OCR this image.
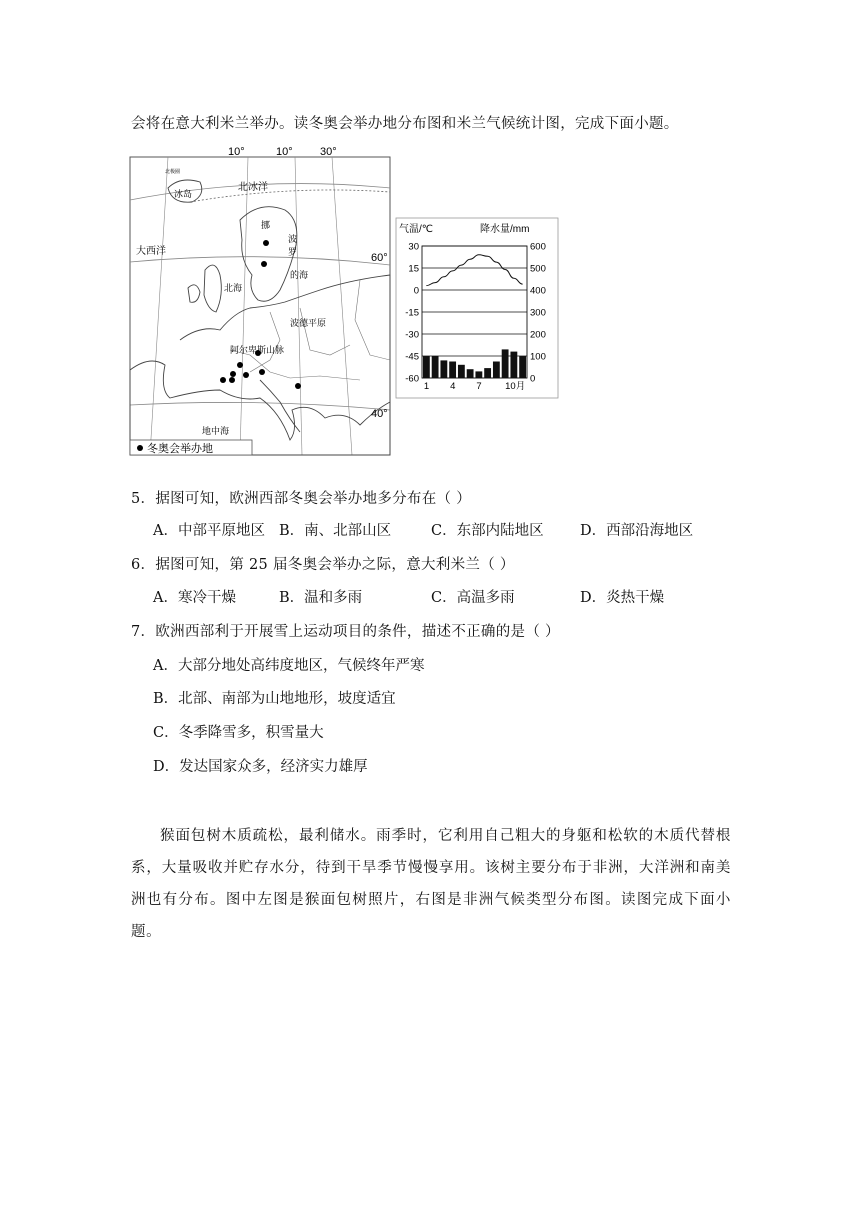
会将在意大利米兰举办。读冬奥会举办地分布图和米兰气候统计图，完成下面小题。
10°	10° 30°
60°
40°
北冰洋
北极圈
冰岛
大西洋
挪
波
罗
的海
北海
波德平原
阿尔卑斯山脉
地中海
冬奥会举办地
气温/℃	降水量/mm
30
15
0
-15
-30
-45
-60
600
500
400
300
200
100
0
1 4 7 10月
5．据图可知，欧洲西部冬奥会举办地多分布在（ ）
A．中部平原地区 B．南、北部山区	C．东部内陆地区	D．西部沿海地区
6．据图可知，第 25 届冬奥会举办之际，意大利米兰（ ）
A．寒冷干燥	B．温和多雨	C．高温多雨	D．炎热干燥
7．欧洲西部利于开展雪上运动项目的条件，描述不正确的是（ ）
A．大部分地处高纬度地区，气候终年严寒
B．北部、南部为山地地形，坡度适宜
C．冬季降雪多，积雪量大
D．发达国家众多，经济实力雄厚
猴面包树木质疏松，最利储水。雨季时，它利用自己粗大的身躯和松软的木质代替根系，大量吸收并贮存水分，待到干旱季节慢慢享用。该树主要分布于非洲，大洋洲和南美洲也有分布。图中左图是猴面包树照片，右图是非洲气候类型分布图。读图完成下面小题。
